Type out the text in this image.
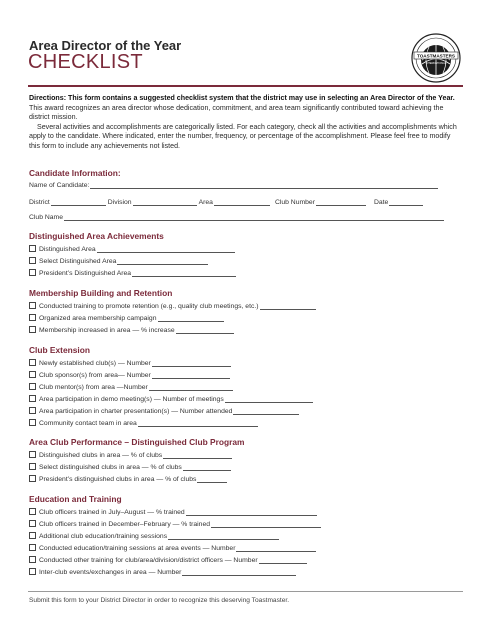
Area Director of the Year
CHECKLIST	TOASTMASTERS
INTERNATIONAL

Directions: This form contains a suggested checklist system that the district may use in selecting an Area Director of the Year. This award recognizes an area director whose dedication, commitment, and area team significantly contributed toward achieving the district mission.

Several activities and accomplishments are categorically listed. For each category, check all the activities and accomplishments which apply to the candidate. Where indicated, enter the number, frequency, or percentage of the accomplishment. Please feel free to modify this form to include any achievements not listed.

Candidate Information:
Name of Candidate:
District	Division	Area	Club Number	Date
Club Name
Distinguished Area Achievements
Distinguished Area
Select Distinguished Area
President’s Distinguished Area
Membership Building and Retention
Conducted training to promote retention (e.g., quality club meetings, etc.)
Organized area membership campaign
Membership increased in area — % increase
Club Extension
Newly established club(s) — Number
Club sponsor(s) from area— Number
Club mentor(s) from area —Number
Area participation in demo meeting(s) — Number of meetings
Area participation in charter presentation(s) — Number attended
Community contact team in area
Area Club Performance – Distinguished Club Program
Distinguished clubs in area — % of clubs
Select distinguished clubs in area — % of clubs
President’s distinguished clubs in area — % of clubs
Education and Training
Club officers trained in July–August — % trained
Club officers trained in December–February — % trained
Additional club education/training sessions
Conducted education/training sessions at area events — Number
Conducted other training for club/area/division/district officers — Number
Inter-club events/exchanges in area — Number
Submit this form to your District Director in order to recognize this deserving Toastmaster.
